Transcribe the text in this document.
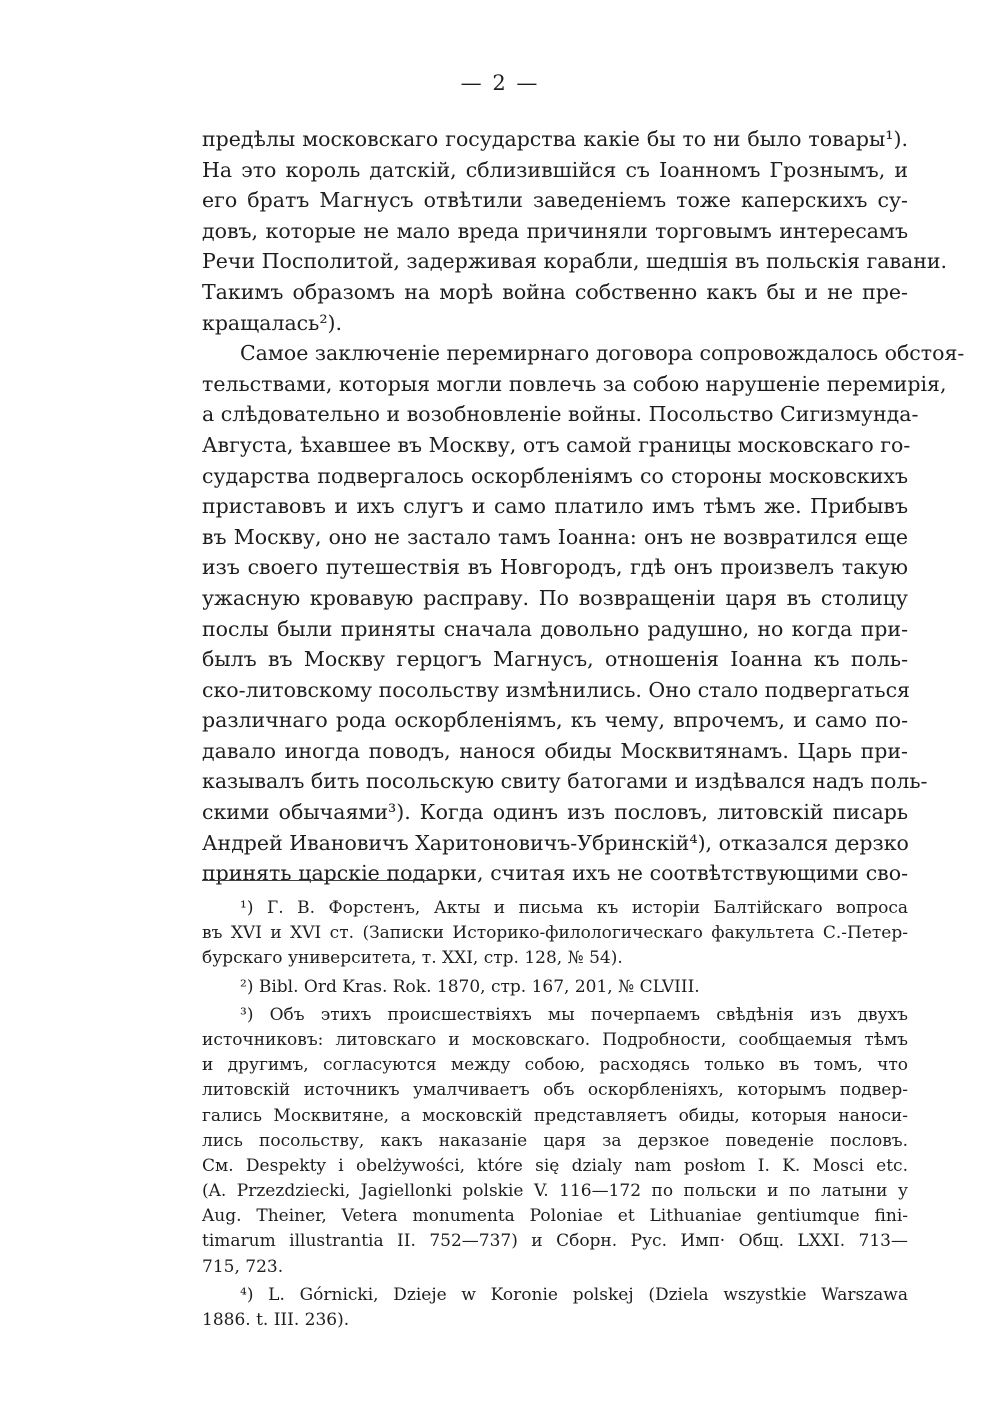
— 2 —
предѣлы московскаго государства какіе бы то ни было товары¹).
На это король датскій, сблизившійся съ Іоанномъ Грознымъ, и
его братъ Магнусъ отвѣтили заведеніемъ тоже каперскихъ су-
довъ, которые не мало вреда причиняли торговымъ интересамъ
Речи Посполитой, задерживая корабли, шедшія въ польскія гавани.
Такимъ образомъ на морѣ война собственно какъ бы и не пре-
кращалась²).
Самое заключеніе перемирнаго договора сопровождалось обстоя-
тельствами, которыя могли повлечь за собою нарушеніе перемирія,
а слѣдовательно и возобновленіе войны. Посольство Сигизмунда-
Августа, ѣхавшее въ Москву, отъ самой границы московскаго го-
сударства подвергалось оскорбленіямъ со стороны московскихъ
приставовъ и ихъ слугъ и само платило имъ тѣмъ же. Прибывъ
въ Москву, оно не застало тамъ Іоанна: онъ не возвратился еще
изъ своего путешествія въ Новгородъ, гдѣ онъ произвелъ такую
ужасную кровавую расправу. По возвращеніи царя въ столицу
послы были приняты сначала довольно радушно, но когда при-
былъ въ Москву герцогъ Магнусъ, отношенія Іоанна къ поль-
ско-литовскому посольству измѣнились. Оно стало подвергаться
различнаго рода оскорбленіямъ, къ чему, впрочемъ, и само по-
давало иногда поводъ, нанося обиды Москвитянамъ. Царь при-
казывалъ бить посольскую свиту батогами и издѣвался надъ поль-
скими обычаями³). Когда одинъ изъ пословъ, литовскій писарь
Андрей Ивановичъ Харитоновичъ-Убринскій⁴), отказался дерзко
принять царскіе подарки, считая ихъ не соотвѣтствующими сво-
¹) Г. В. Форстенъ, Акты и письма къ исторіи Балтійскаго вопроса
въ XVI и XVI ст. (Записки Историко-филологическаго факультета С.-Петер-
бурскаго университета, т. XXI, стр. 128, № 54).
²) Bibl. Ord Kras. Rok. 1870, стр. 167, 201, № CLVIII.
³) Объ этихъ происшествіяхъ мы почерпаемъ свѣдѣнія изъ двухъ
источниковъ: литовскаго и московскаго. Подробности, сообщаемыя тѣмъ
и другимъ, согласуются между собою, расходясь только въ томъ, что
литовскій источникъ умалчиваетъ объ оскорбленіяхъ, которымъ подвер-
гались Москвитяне, а московскій представляетъ обиды, которыя наноси-
лись посольству, какъ наказаніе царя за дерзкое поведеніе пословъ.
См. Despekty i obelżywości, które się dzialy nam posłom I. K. Mosci etc.
(A. Przezdziecki, Jagiellonki polskie V. 116—172 по польски и по латыни у
Aug. Theiner, Vetera monumenta Poloniae et Lithuaniae gentiumque fini-
timarum illustrantia II. 752—737) и Сборн. Рус. Имп· Общ. LXXI. 713—
715, 723.
⁴) L. Górnicki, Dzieje w Koronie polskej (Dziela wszystkie Warszawa
1886. t. III. 236).
